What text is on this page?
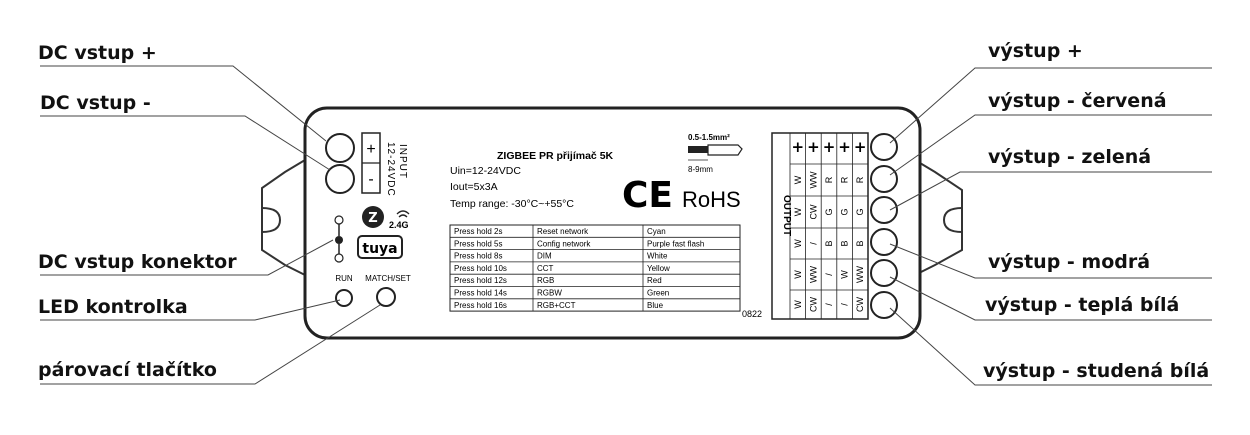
+
-
INPUT
12-24VDC
Z 2.4G
tuya
RUN MATCH/SET
ZIGBEE PR přijímač 5K
Uin=12-24VDC
Iout=5x3A
Temp range: -30°C~+55°C
0.5-1.5mm²
8-9mm
CE RoHS
Press hold 2s	Reset network	Cyan
Press hold 5s	Config network	Purple fast flash
Press hold 8s	DIM	White
Press hold 10s	CCT	Yellow
Press hold 12s	RGB	Red
Press hold 14s	RGBW	Green
Press hold 16s	RGB+CCT	Blue
0822
+ + + + +
W WW R R R
W CW G G G
W / B B B
W WW / W WW
W CW / / CW
OUTPUT
DC vstup +
DC vstup -
DC vstup konektor
LED kontrolka
párovací tlačítko
výstup +
výstup - červená
výstup - zelená
výstup - modrá
výstup - teplá bílá
výstup - studená bílá
